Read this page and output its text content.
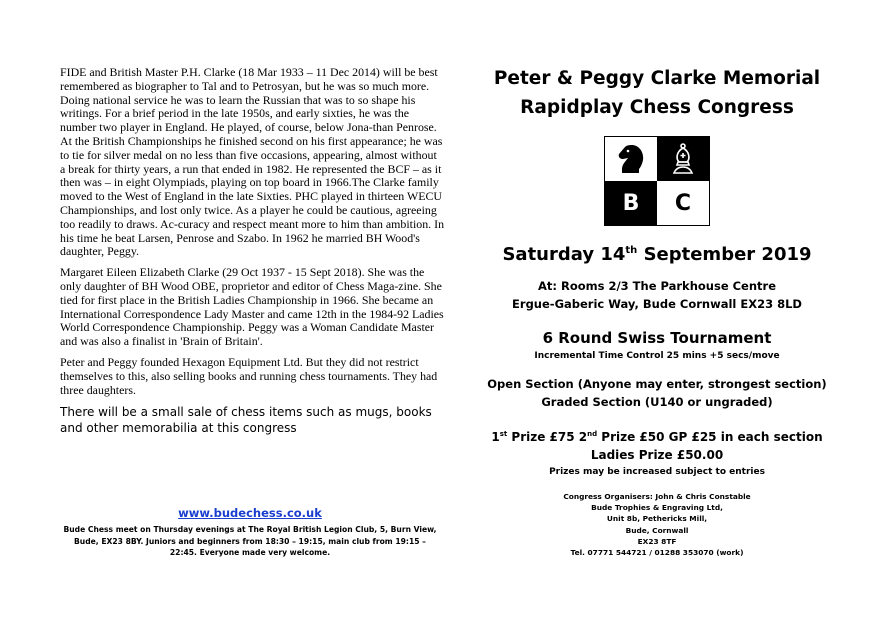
FIDE and British Master P.H. Clarke (18 Mar 1933 – 11 Dec 2014) will be best remembered as biographer to Tal and to Petrosyan, but he was so much more. Doing national service he was to learn the Russian that was to so shape his writings. For a brief period in the late 1950s, and early sixties, he was the number two player in England. He played, of course, below Jona-than Penrose. At the British Championships he finished second on his first appearance; he was to tie for silver medal on no less than five occasions, appearing, almost without a break for thirty years, a run that ended in 1982. He represented the BCF – as it then was – in eight Olympiads, playing on top board in 1966.The Clarke family moved to the West of England in the late Sixties. PHC played in thirteen WECU Championships, and lost only twice. As a player he could be cautious, agreeing too readily to draws. Ac-curacy and respect meant more to him than ambition. In his time he beat Larsen, Penrose and Szabo. In 1962 he married BH Wood's daughter, Peggy.

Margaret Eileen Elizabeth Clarke (29 Oct 1937 - 15 Sept 2018). She was the only daughter of BH Wood OBE, proprietor and editor of Chess Maga-zine. She tied for first place in the British Ladies Championship in 1966. She became an International Correspondence Lady Master and came 12th in the 1984-92 Ladies World Correspondence Championship. Peggy was a Woman Candidate Master and was also a finalist in 'Brain of Britain'.

Peter and Peggy founded Hexagon Equipment Ltd. But they did not restrict themselves to this, also selling books and running chess tournaments. They had three daughters.

There will be a small sale of chess items such as mugs, books and other memorabilia at this congress

www.budechess.co.uk

Bude Chess meet on Thursday evenings at The Royal British Legion Club, 5, Burn View, Bude, EX23 8BY. Juniors and beginners from 18:30 – 19:15, main club from 19:15 – 22:45. Everyone made very welcome.

Peter & Peggy Clarke Memorial
Rapidplay Chess Congress
B C
Saturday 14th September 2019
At: Rooms 2/3 The Parkhouse Centre
Ergue-Gaberic Way, Bude Cornwall EX23 8LD
6 Round Swiss Tournament
Incremental Time Control 25 mins +5 secs/move
Open Section (Anyone may enter, strongest section)
Graded Section (U140 or ungraded)
1st Prize £75 2nd Prize £50 GP £25 in each section
Ladies Prize £50.00
Prizes may be increased subject to entries
Congress Organisers: John & Chris Constable
Bude Trophies & Engraving Ltd,
Unit 8b, Pethericks Mill,
Bude, Cornwall
EX23 8TF
Tel. 07771 544721 / 01288 353070 (work)
